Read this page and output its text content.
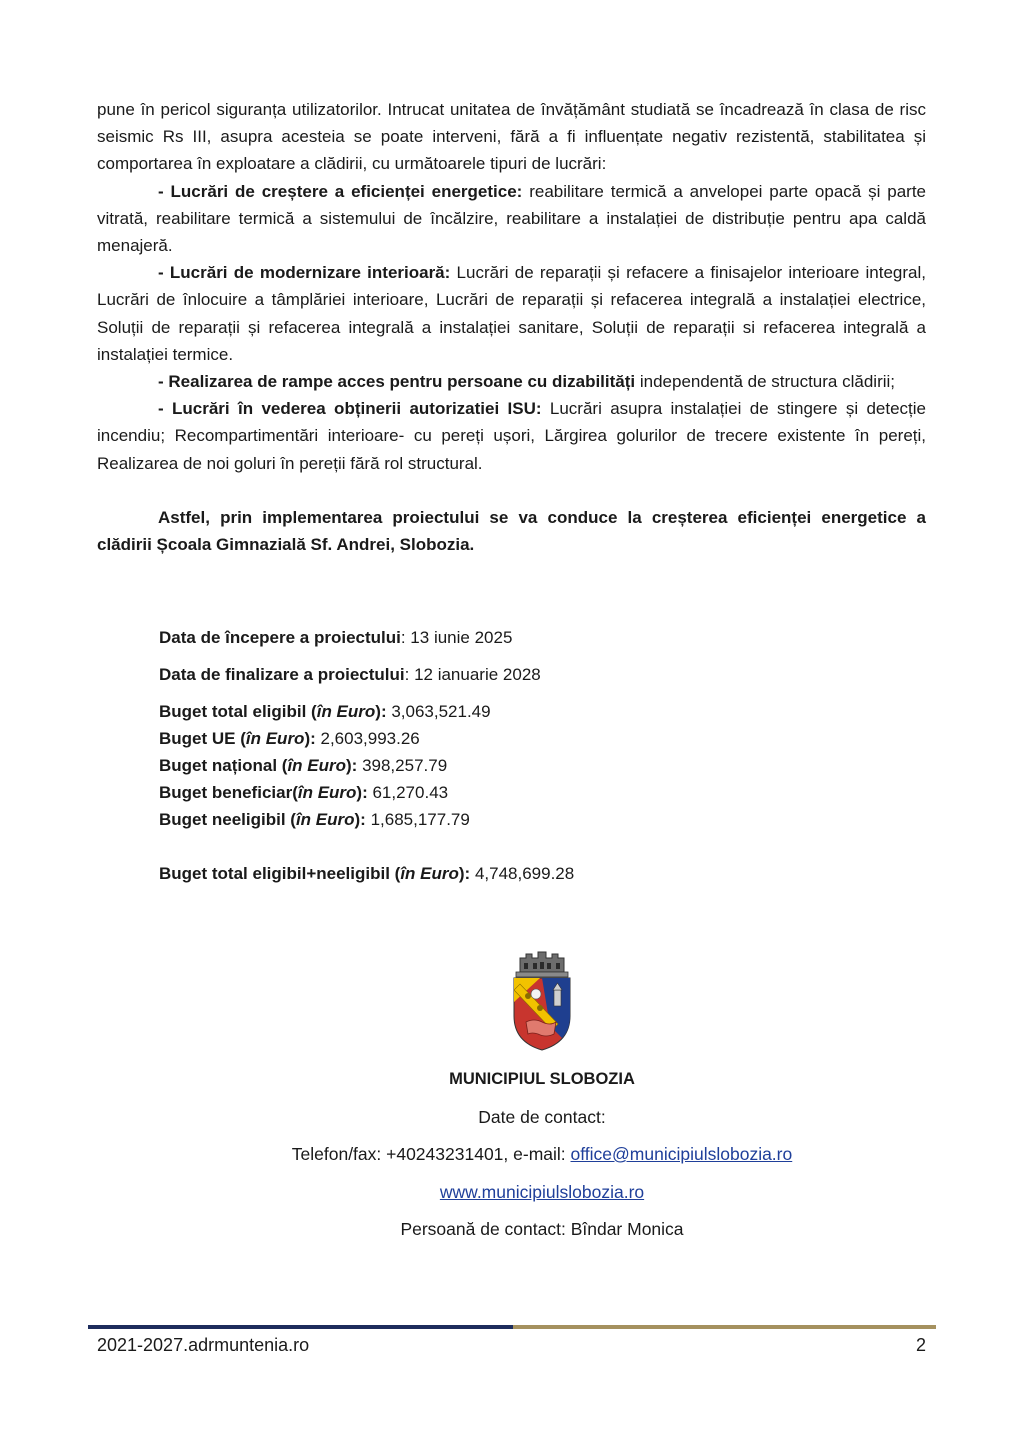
pune în pericol siguranța utilizatorilor. Intrucat unitatea de învățământ studiată se încadrează în clasa de risc seismic Rs III, asupra acesteia se poate interveni, fără a fi influențate negativ rezistentă, stabilitatea și comportarea în exploatare a clădirii, cu următoarele tipuri de lucrări:

- Lucrări de creștere a eficienței energetice: reabilitare termică a anvelopei parte opacă și parte vitrată, reabilitare termică a sistemului de încălzire, reabilitare a instalației de distribuție pentru apa caldă menajeră.

- Lucrări de modernizare interioară: Lucrări de reparații și refacere a finisajelor interioare integral, Lucrări de înlocuire a tâmplăriei interioare, Lucrări de reparații și refacerea integrală a instalației electrice, Soluții de reparații și refacerea integrală a instalației sanitare, Soluții de reparații si refacerea integrală a instalației termice.

- Realizarea de rampe acces pentru persoane cu dizabilități independentă de structura clădirii;

- Lucrări în vederea obținerii autorizatiei ISU: Lucrări asupra instalației de stingere și detecție incendiu; Recompartimentări interioare- cu pereți ușori, Lărgirea golurilor de trecere existente în pereți, Realizarea de noi goluri în pereții fără rol structural.

Astfel, prin implementarea proiectului se va conduce la creșterea eficienței energetice a clădirii Școala Gimnazială Sf. Andrei, Slobozia.

Data de începere a proiectului: 13 iunie 2025
Data de finalizare a proiectului: 12 ianuarie 2028
Buget total eligibil (în Euro): 3,063,521.49
Buget UE (în Euro): 2,603,993.26
Buget național (în Euro): 398,257.79
Buget beneficiar(în Euro): 61,270.43
Buget neeligibil (în Euro): 1,685,177.79
Buget total eligibil+neeligibil (în Euro): 4,748,699.28
MUNICIPIUL SLOBOZIA
Date de contact:
Telefon/fax: +40243231401, e-mail: office@municipiulslobozia.ro
www.municipiulslobozia.ro
Persoană de contact: Bîndar Monica
2021-2027.adrmuntenia.ro	2
